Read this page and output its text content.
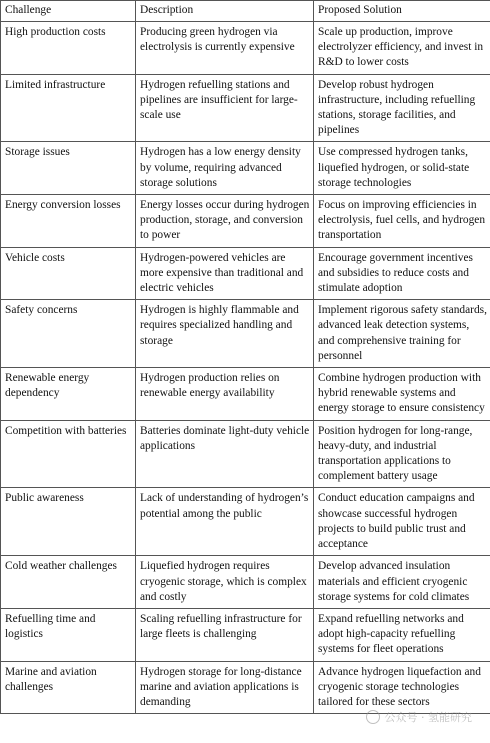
Challenge	Description	Proposed Solution
High production costs	Producing green hydrogen via electrolysis is currently expensive	Scale up production, improve electrolyzer efficiency, and invest in R&D to lower costs
Limited infrastructure	Hydrogen refuelling stations and pipelines are insufficient for large-scale use	Develop robust hydrogen infrastructure, including refuelling stations, storage facilities, and pipelines
Storage issues	Hydrogen has a low energy density by volume, requiring advanced storage solutions	Use compressed hydrogen tanks, liquefied hydrogen, or solid-state storage technologies
Energy conversion losses	Energy losses occur during hydrogen production, storage, and conversion to power	Focus on improving efficiencies in electrolysis, fuel cells, and hydrogen transportation
Vehicle costs	Hydrogen-powered vehicles are more expensive than traditional and electric vehicles	Encourage government incentives and subsidies to reduce costs and stimulate adoption
Safety concerns	Hydrogen is highly flammable and requires specialized handling and storage	Implement rigorous safety standards, advanced leak detection systems, and comprehensive training for personnel
Renewable energy dependency	Hydrogen production relies on renewable energy availability	Combine hydrogen production with hybrid renewable systems and energy storage to ensure consistency
Competition with batteries	Batteries dominate light-duty vehicle applications	Position hydrogen for long-range, heavy-duty, and industrial transportation applications to complement battery usage
Public awareness	Lack of understanding of hydrogen’s potential among the public	Conduct education campaigns and showcase successful hydrogen projects to build public trust and acceptance
Cold weather challenges	Liquefied hydrogen requires cryogenic storage, which is complex and costly	Develop advanced insulation materials and efficient cryogenic storage systems for cold climates
Refuelling time and logistics	Scaling refuelling infrastructure for large fleets is challenging	Expand refuelling networks and adopt high-capacity refuelling systems for fleet operations
Marine and aviation challenges	Hydrogen storage for long-distance marine and aviation applications is demanding	Advance hydrogen liquefaction and cryogenic storage technologies tailored for these sectors
公众号 · 氢能研究
